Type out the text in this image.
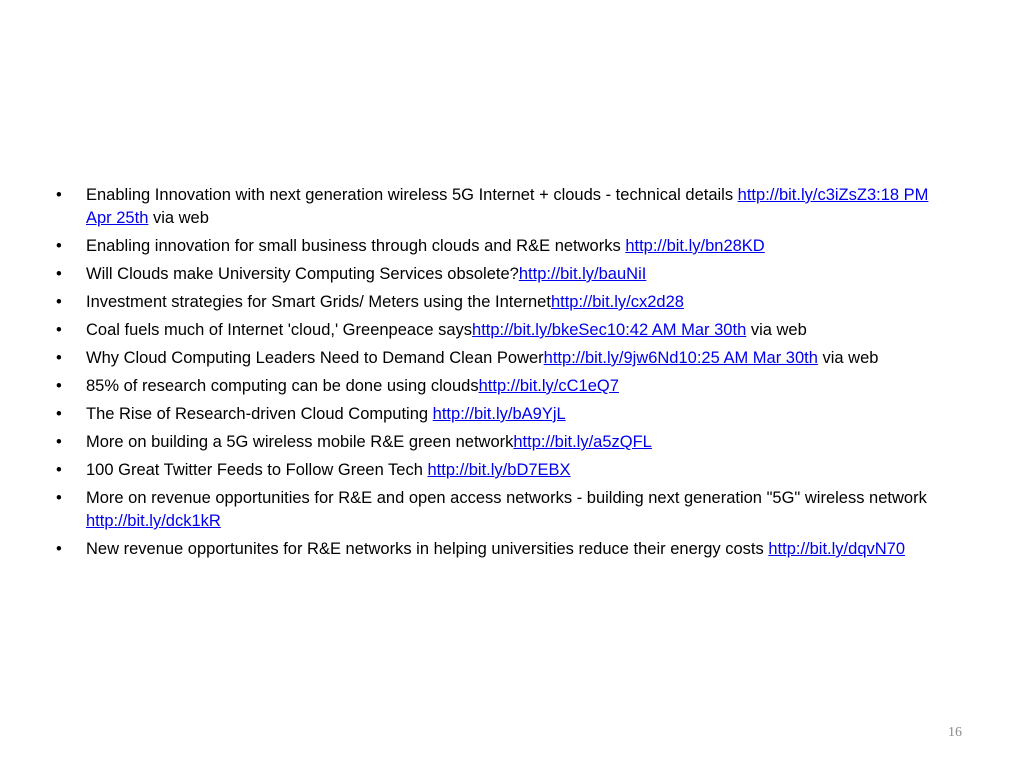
•	Enabling Innovation with next generation wireless 5G Internet + clouds - technical details http://bit.ly/c3iZsZ3:18 PM Apr 25th via web
•	Enabling innovation for small business through clouds and R&E networks http://bit.ly/bn28KD
•	Will Clouds make University Computing Services obsolete?http://bit.ly/bauNiI
•	Investment strategies for Smart Grids/ Meters using the Internethttp://bit.ly/cx2d28
•	Coal fuels much of Internet 'cloud,' Greenpeace sayshttp://bit.ly/bkeSec10:42 AM Mar 30th via web
•	Why Cloud Computing Leaders Need to Demand Clean Powerhttp://bit.ly/9jw6Nd10:25 AM Mar 30th via web
•	85% of research computing can be done using cloudshttp://bit.ly/cC1eQ7
•	The Rise of Research-driven Cloud Computing http://bit.ly/bA9YjL
•	More on building a 5G wireless mobile R&E green networkhttp://bit.ly/a5zQFL
•	100 Great Twitter Feeds to Follow Green Tech http://bit.ly/bD7EBX
•	More on revenue opportunities for R&E and open access networks - building next generation "5G" wireless network http://bit.ly/dck1kR
•	New revenue opportunites for R&E networks in helping universities reduce their energy costs http://bit.ly/dqvN70
16
